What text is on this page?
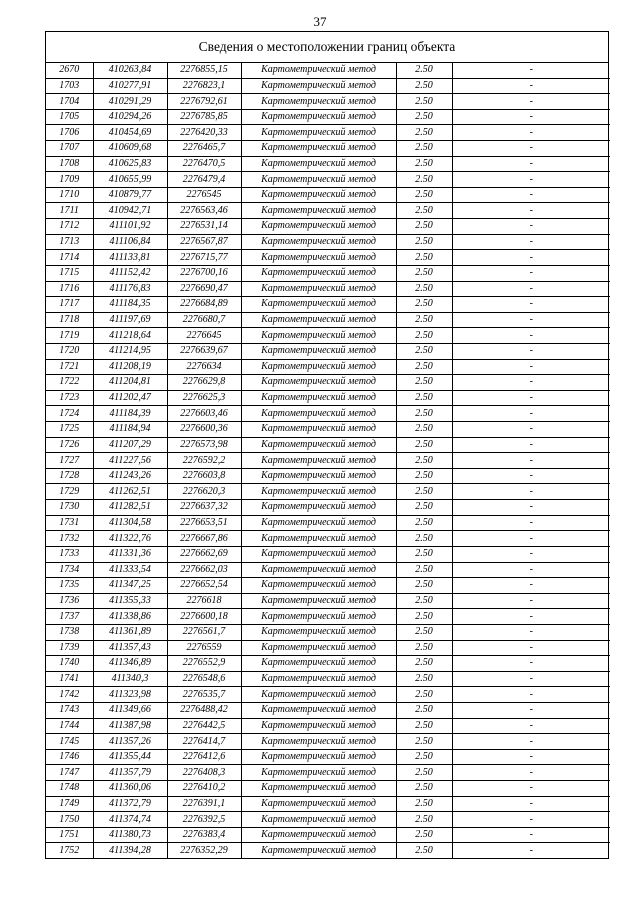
37
Сведения о местоположении границ объекта
2670	410263,84	2276855,15	Картометрический метод	2.50	-
1703	410277,91	2276823,1	Картометрический метод	2.50	-
1704	410291,29	2276792,61	Картометрический метод	2.50	-
1705	410294,26	2276785,85	Картометрический метод	2.50	-
1706	410454,69	2276420,33	Картометрический метод	2.50	-
1707	410609,68	2276465,7	Картометрический метод	2.50	-
1708	410625,83	2276470,5	Картометрический метод	2.50	-
1709	410655,99	2276479,4	Картометрический метод	2.50	-
1710	410879,77	2276545	Картометрический метод	2.50	-
1711	410942,71	2276563,46	Картометрический метод	2.50	-
1712	411101,92	2276531,14	Картометрический метод	2.50	-
1713	411106,84	2276567,87	Картометрический метод	2.50	-
1714	411133,81	2276715,77	Картометрический метод	2.50	-
1715	411152,42	2276700,16	Картометрический метод	2.50	-
1716	411176,83	2276690,47	Картометрический метод	2.50	-
1717	411184,35	2276684,89	Картометрический метод	2.50	-
1718	411197,69	2276680,7	Картометрический метод	2.50	-
1719	411218,64	2276645	Картометрический метод	2.50	-
1720	411214,95	2276639,67	Картометрический метод	2.50	-
1721	411208,19	2276634	Картометрический метод	2.50	-
1722	411204,81	2276629,8	Картометрический метод	2.50	-
1723	411202,47	2276625,3	Картометрический метод	2.50	-
1724	411184,39	2276603,46	Картометрический метод	2.50	-
1725	411184,94	2276600,36	Картометрический метод	2.50	-
1726	411207,29	2276573,98	Картометрический метод	2.50	-
1727	411227,56	2276592,2	Картометрический метод	2.50	-
1728	411243,26	2276603,8	Картометрический метод	2.50	-
1729	411262,51	2276620,3	Картометрический метод	2.50	-
1730	411282,51	2276637,32	Картометрический метод	2.50	-
1731	411304,58	2276653,51	Картометрический метод	2.50	-
1732	411322,76	2276667,86	Картометрический метод	2.50	-
1733	411331,36	2276662,69	Картометрический метод	2.50	-
1734	411333,54	2276662,03	Картометрический метод	2.50	-
1735	411347,25	2276652,54	Картометрический метод	2.50	-
1736	411355,33	2276618	Картометрический метод	2.50	-
1737	411338,86	2276600,18	Картометрический метод	2.50	-
1738	411361,89	2276561,7	Картометрический метод	2.50	-
1739	411357,43	2276559	Картометрический метод	2.50	-
1740	411346,89	2276552,9	Картометрический метод	2.50	-
1741	411340,3	2276548,6	Картометрический метод	2.50	-
1742	411323,98	2276535,7	Картометрический метод	2.50	-
1743	411349,66	2276488,42	Картометрический метод	2.50	-
1744	411387,98	2276442,5	Картометрический метод	2.50	-
1745	411357,26	2276414,7	Картометрический метод	2.50	-
1746	411355,44	2276412,6	Картометрический метод	2.50	-
1747	411357,79	2276408,3	Картометрический метод	2.50	-
1748	411360,06	2276410,2	Картометрический метод	2.50	-
1749	411372,79	2276391,1	Картометрический метод	2.50	-
1750	411374,74	2276392,5	Картометрический метод	2.50	-
1751	411380,73	2276383,4	Картометрический метод	2.50	-
1752	411394,28	2276352,29	Картометрический метод	2.50	-
